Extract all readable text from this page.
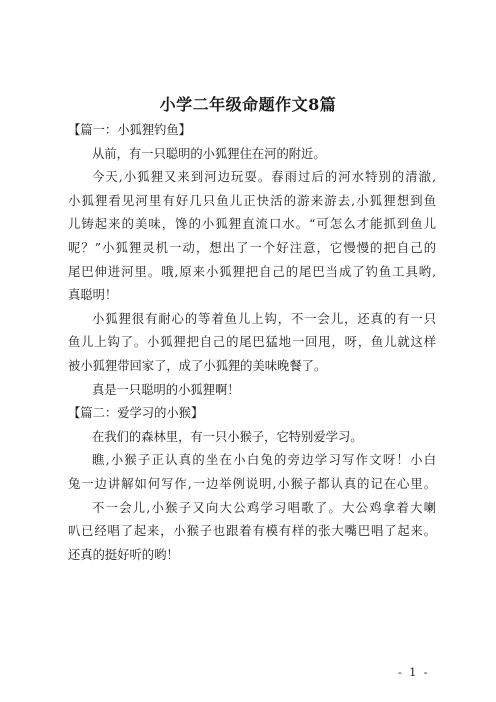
小学二年级命题作文8篇
【篇一：小狐狸钓鱼】
从前，有一只聪明的小狐狸住在河的附近。
今天,小狐狸又来到河边玩耍。春雨过后的河水特别的清澈,
小狐狸看见河里有好几只鱼儿正快活的游来游去,小狐狸想到鱼
儿铸起来的美味，馋的小狐狸直流口水。“可怎么才能抓到鱼儿
呢？”小狐狸灵机一动，想出了一个好注意，它慢慢的把自己的
尾巴伸进河里。哦,原来小狐狸把自己的尾巴当成了钓鱼工具哟,
真聪明！
小狐狸很有耐心的等着鱼儿上钩，不一会儿，还真的有一只
鱼儿上钩了。小狐狸把自己的尾巴猛地一回甩，呀，鱼儿就这样
被小狐狸带回家了，成了小狐狸的美味晚餐了。
真是一只聪明的小狐狸啊！
【篇二：爱学习的小猴】
在我们的森林里，有一只小猴子，它特别爱学习。
瞧,小猴子正认真的坐在小白兔的旁边学习写作文呀！小白
兔一边讲解如何写作,一边举例说明,小猴子都认真的记在心里。
不一会儿,小猴子又向大公鸡学习唱歌了。大公鸡拿着大喇
叭已经唱了起来，小猴子也跟着有模有样的张大嘴巴唱了起来。
还真的挺好听的哟！
- 1 -
